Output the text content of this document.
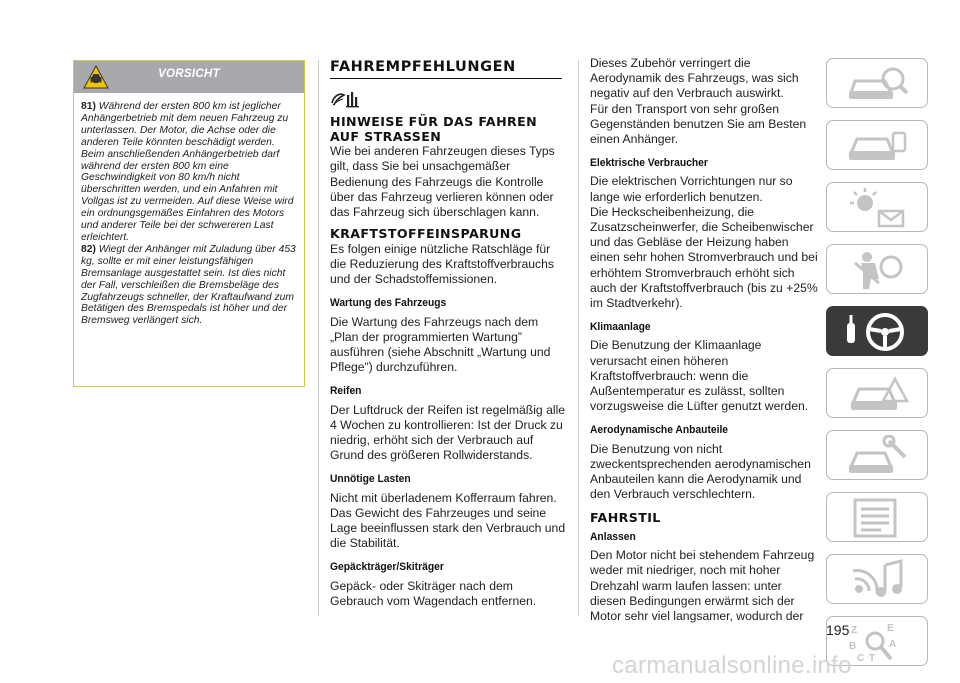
VORSICHT

81) Während der ersten 800 km ist jeglicher Anhängerbetrieb mit dem neuen Fahrzeug zu unterlassen. Der Motor, die Achse oder die anderen Teile könnten beschädigt werden. Beim anschließenden Anhängerbetrieb darf während der ersten 800 km eine Geschwindigkeit von 80 km/h nicht überschritten werden, und ein Anfahren mit Vollgas ist zu vermeiden. Auf diese Weise wird ein ordnungsgemäßes Einfahren des Motors und anderer Teile bei der schwereren Last erleichtert.

82) Wiegt der Anhänger mit Zuladung über 453 kg, sollte er mit einer leistungsfähigen Bremsanlage ausgestattet sein. Ist dies nicht der Fall, verschleißen die Bremsbeläge des Zugfahrzeugs schneller, der Kraftaufwand zum Betätigen des Bremspedals ist höher und der Bremsweg verlängert sich.

FAHREMPFEHLUNGEN

HINWEISE FÜR DAS FAHREN AUF STRASSEN

Wie bei anderen Fahrzeugen dieses Typs gilt, dass Sie bei unsachgemäßer Bedienung des Fahrzeugs die Kontrolle über das Fahrzeug verlieren können oder das Fahrzeug sich überschlagen kann.

KRAFTSTOFFEINSPARUNG

Es folgen einige nützliche Ratschläge für die Reduzierung des Kraftstoffverbrauchs und der Schadstoffemissionen.

Wartung des Fahrzeugs

Die Wartung des Fahrzeugs nach dem „Plan der programmierten Wartung” ausführen (siehe Abschnitt „Wartung und Pflege”) durchzuführen.

Reifen

Der Luftdruck der Reifen ist regelmäßig alle 4 Wochen zu kontrollieren: Ist der Druck zu niedrig, erhöht sich der Verbrauch auf Grund des größeren Rollwiderstands.

Unnötige Lasten

Nicht mit überladenem Kofferraum fahren. Das Gewicht des Fahrzeuges und seine Lage beeinflussen stark den Verbrauch und die Stabilität.

Gepäckträger/Skiträger

Gepäck- oder Skiträger nach dem Gebrauch vom Wagendach entfernen.

Dieses Zubehör verringert die Aerodynamik des Fahrzeugs, was sich negativ auf den Verbrauch auswirkt.

Für den Transport von sehr großen Gegenständen benutzen Sie am Besten einen Anhänger.

Elektrische Verbraucher

Die elektrischen Vorrichtungen nur so lange wie erforderlich benutzen.

Die Heckscheibenheizung, die Zusatzscheinwerfer, die Scheibenwischer und das Gebläse der Heizung haben einen sehr hohen Stromverbrauch und bei erhöhtem Stromverbrauch erhöht sich auch der Kraftstoffverbrauch (bis zu +25% im Stadtverkehr).

Klimaanlage

Die Benutzung der Klimaanlage verursacht einen höheren Kraftstoffverbrauch: wenn die Außentemperatur es zulässt, sollten vorzugsweise die Lüfter genutzt werden.

Aerodynamische Anbauteile

Die Benutzung von nicht zweckentsprechenden aerodynamischen Anbauteilen kann die Aerodynamik und den Verbrauch verschlechtern.

FAHRSTIL

Anlassen

Den Motor nicht bei stehendem Fahrzeug weder mit niedriger, noch mit hoher Drehzahl warm laufen lassen: unter diesen Bedingungen erwärmt sich der Motor sehr viel langsamer, wodurch der

Z	E
B	A
C T
195
carmanualsonline.info
